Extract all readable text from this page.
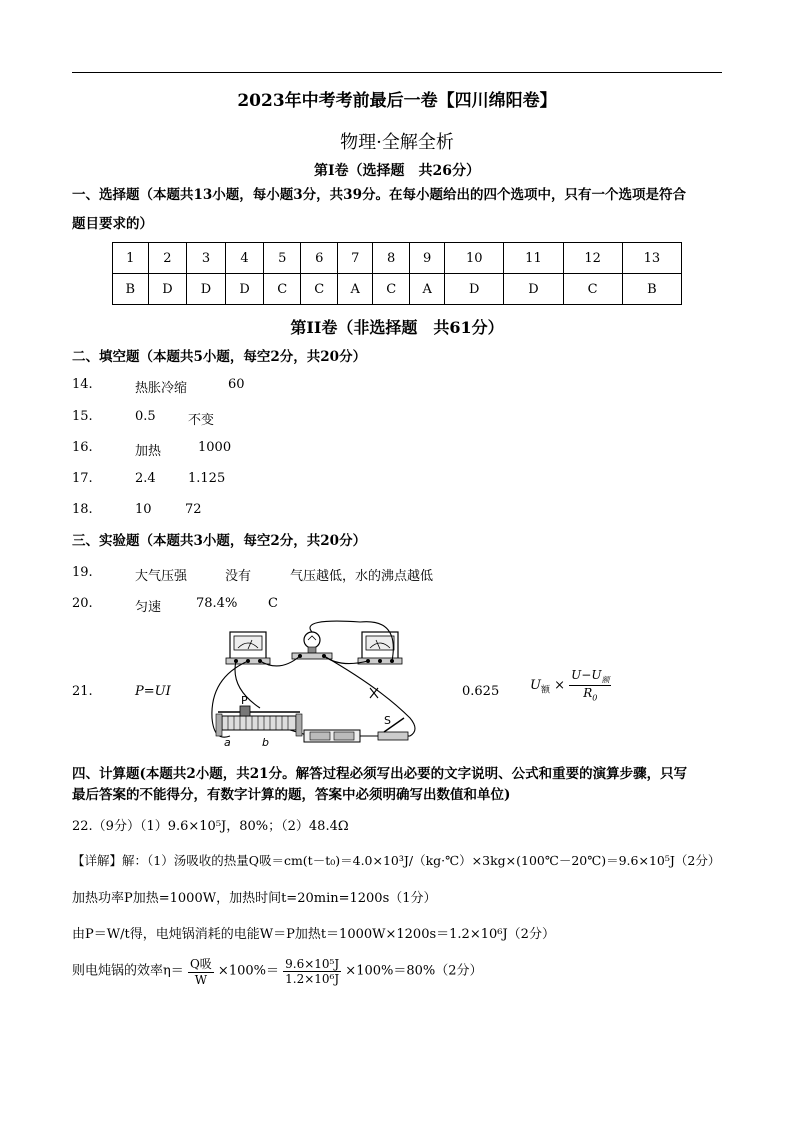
2023年中考考前最后一卷【四川绵阳卷】
物理·全解全析
第I卷（选择题　共26分）
一、选择题（本题共13小题，每小题3分，共39分。在每小题给出的四个选项中，只有一个选项是符合
题目要求的）
1	2	3	4	5	6	7	8	9	10	11	12	13
B	D	D	D	C	C	A	C	A	D	D	C	B
第II卷（非选择题　共61分）
二、填空题（本题共5小题，每空2分，共20分）
14.	热胀冷缩	60
15.	0.5 不变
16.	加热	1000
17.	2.4 1.125
18.	10	72
三、实验题（本题共3小题，每空2分，共20分）
19.	大气压强	没有	气压越低，水的沸点越低
20.	匀速	78.4% C
21.	P=UI
P
a	b
S
0.625 $U_额 \times \frac{U-U_额}{R_0}$
四、计算题(本题共2小题，共21分。解答过程必须写出必要的文字说明、公式和重要的演算步骤，只写
最后答案的不能得分，有数字计算的题，答案中必须明确写出数值和单位)
22.（9分）（1）9.6×10⁵J，80%；（2）48.4Ω
【详解】解：（1）汤吸收的热量Q吸＝cm(t－t₀)＝4.0×10³J/（kg·℃）×3kg×(100℃－20℃)＝9.6×10⁵J（2分）
加热功率P加热=1000W，加热时间t=20min=1200s（1分）
由P＝W/t得，电炖锅消耗的电能W＝P加热t＝1000W×1200s＝1.2×10⁶J（2分）
则电炖锅的效率$\eta= \frac{\text{Q吸}}{W} \times 100\%= \frac{\text{9.6×10⁵J}}{\text{1.2×10⁶J}} \times 100\%=80\%(2$分）
